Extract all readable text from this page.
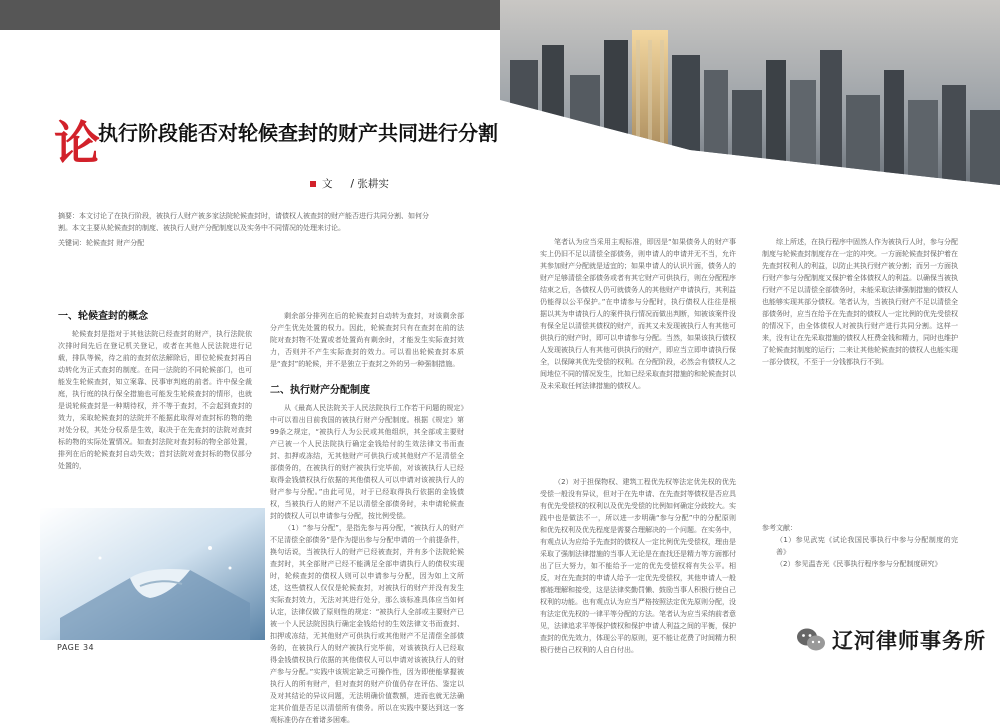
论
执行阶段能否对轮候查封的财产共同进行分割
文 / 张耕实

摘要：本文讨论了在执行阶段，被执行人财产被多家法院轮候查封时，请债权人被查封的财产能否进行共同分割、如何分割。本文主要从轮候查封的制度、被执行人财产分配制度以及实务中不同情况的处理来讨论。

关键词：轮候查封 财产分配

一、轮候查封的概念

轮候查封是指对于其他法院已经查封的财产，执行法院依次排时间先后在登记机关登记，或者在其他人民法院进行记载，排队等候，待之前的查封依法解除后，即位轮候查封再自动转化为正式查封的制度。在同一法院的不同轮候部门，也可能发生轮候查封，知立案靠、民事审判庭的前者。许中保全裁庭，执行庭的执行保全措施也可能发生轮候查封的情形，也就是说轮候查封是一种期待权，并不等于查封，不会起到查封的效力，采取轮候查封的法院并不能据此取得对查封标的物的绝对处分权，其处分权系是生效，取决于在先查封的法院对查封标的物的实际处置情况。如查封法院对查封标的物全部处置，排列在后的轮候查封自动失效；首封法院对查封标的物仅部分处置的，

剩余部分排列在后的轮候查封自动转为查封，对该剩余部分产生优先处置的权力。因此，轮候查封只有在查封在前的法院对查封物不处置或者处置尚有剩余时，才能发生实际查封效力，否则并不产生实际查封的效力。可以看出轮候查封本质是“查封”的轮候，并不是独立于查封之外的另一种强制措施。

二、执行财产分配制度

从《最高人民法院关于人民法院执行工作若干问题的规定》中可以看出目前我国的被执行财产分配制度。根据《规定》第99条之规定，“被执行人为公民或其他组织，其全部或主要财产已被一个人民法院执行确定金钱给付的生效法律文书而查封、扣押或冻结，无其他财产可供执行或其他财产不足清偿全部债务的，在被执行的财产被执行完毕前，对该被执行人已经取得金钱债权执行依据的其他债权人可以申请对该被执行人的财产参与分配。”由此可见，对于已经取得执行依据的金钱债权，当被执行人的财产不足以清偿全部债务时，未申请轮候查封的债权人可以申请参与分配，按比例受偿。

（1）“参与分配”，是指先参与再分配，“被执行人的财产不足清偿全部债务”是作为提出参与分配申请的一个前提条件，换句话说，当被执行人的财产已经被查封，并有多个法院轮候查封时，其全部财产已经不能满足全部申请执行人的债权实现时，轮候查封的债权人则可以申请参与分配，因为如上文所述，这些债权人仅仅是轮候查封，对被执行的财产并没有发生实际查封效力，无法对其进行处分，那么该标准具体应当如何认定，法律仅做了原则性的规定：“被执行人全部或主要财产已被一个人民法院因执行确定金钱给付的生效法律文书而查封、扣押或冻结，无其他财产可供执行或其他财产不足清偿全部债务的，在被执行人的财产被执行完毕前，对该被执行人已经取得金钱债权执行依据的其他债权人可以申请对该被执行人的财产参与分配。”实践中该规定缺乏可操作性，因为即使能掌握被执行人的所有财产，但对查封的财产价值仍存在评估、鉴定以及对其结论的异议问题，无法明确价值数额，进而也就无法确定其价值是否足以清偿所有债务。所以在实践中要达到这一客观标准仍存在着诸多困难。

笔者认为应当采用主观标准，即因是“如果债务人的财产事实上仍旧不足以清偿全部债务，则申请人的申请并无不当，允许其参加财产分配就是适宜的；如果申请人的认识片面，债务人的财产足够清偿全部债务或者有其它财产可供执行，则在分配程序结束之后，各债权人仍可就债务人的其他财产申请执行，其利益仍能得以公平保护。”在申请参与分配时，执行债权人往往是根据以其为申请执行人的案件执行情况而做出判断，知被该案件没有保全足以清偿其债权的财产，而其又未发现被执行人有其他可供执行的财产时，即可以申请参与分配。当然，如果该执行债权人发现被执行人有其他可供执行的财产，即应当立即申请执行保全，以保障其优先受偿的权利。在分配阶段，必然会有债权人之间地位不同的情况发生，比如已经采取查封措施的和轮候查封以及未采取任何法律措施的债权人。

（2）对于担保物权、建筑工程优先权等法定优先权的优先受偿一般没有异议，但对于在先申请、在先查封等债权是否应具有优先受偿权的权利以及优先受偿的比例如何确定分歧较大。实践中也是做法不一，所以进一步明确“参与分配”中的分配原则和优先权利及优先程度是需要合理解决的一个问题。在实务中，有观点认为应给予先查封的债权人一定比例优先受偿权，理由是采取了强制法律措施的当事人无论是在查找还是精力等方面都付出了巨大努力，如不能给予一定的优先受偿权将有失公平。相反，对在先查封的申请人给予一定优先受偿权，其他申请人一般都能理解和接受，这是法律奖勤罚懒、鼓励当事人积极行使自己权利的功能。也有观点认为应当严格按照法定优先原则分配，没有法定优先权的一律平等分配的方法。笔者认为应当采纳前者意见，法律追求平等保护债权和保护申请人利益之间的平衡，保护查封的优先效力，体现公平的原则，更不能让花费了时间精力积极行使自己权利的人自白付出。

综上所述，在执行程序中固然人作为被执行人时，参与分配制度与轮候查封制度存在一定的冲突。一方面轮候查封保护着在先查封权利人的利益，以防止其执行财产被分割；而另一方面执行财产参与分配制度又保护着全体债权人的利益。以确保当被执行财产不足以清偿全部债务时，未能采取法律强制措施的债权人也能够实现其部分债权。笔者认为，当被执行财产不足以清偿全部债务时，应当在给予在先查封的债权人一定比例的优先受偿权的情况下，由全体债权人对被执行财产进行共同分割。这样一来，没有让在先采取措施的债权人枉费金钱和精力，同时也维护了轮候查封制度的运行；二来让其他轮候查封的债权人也能实现一部分债权，不至于一分钱都执行不到。

参考文献：

（1）参见武宪《试论我国民事执行中参与分配制度的完善》

（2）参见温杏光《民事执行程序参与分配制度研究》

PAGE 34	辽河律师事务所
